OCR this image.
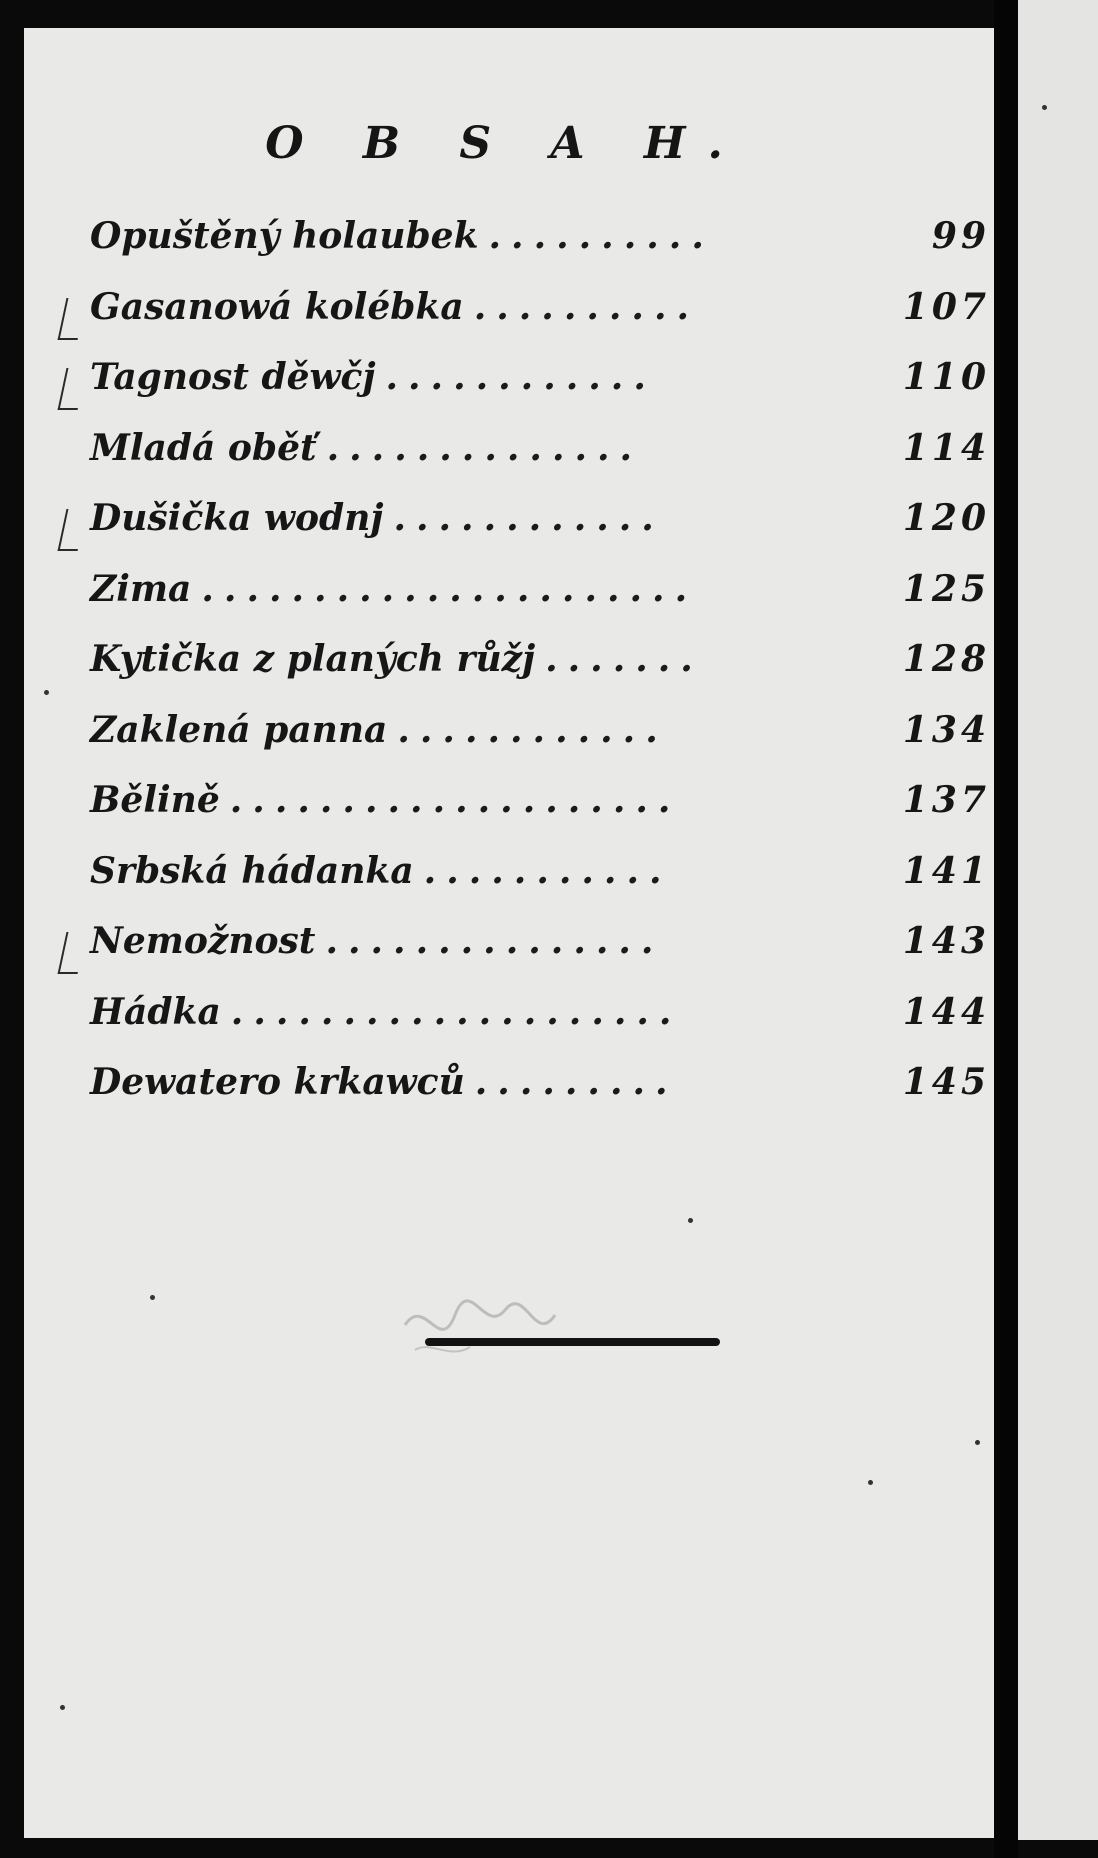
O B S A H.
Opuštěný holaubek ..........	99
Gasanowá kolébka ..........	107
Tagnost děwčj ............	110
Mladá oběť ..............	114
Dušička wodnj ............	120
Zima ......................	125
Kytička z planých růžj .......	128
Zaklená panna ............	134
Bělině ....................	137
Srbská hádanka ...........	141
Nemožnost ...............	143
Hádka ....................	144
Dewatero krkawců .........	145
